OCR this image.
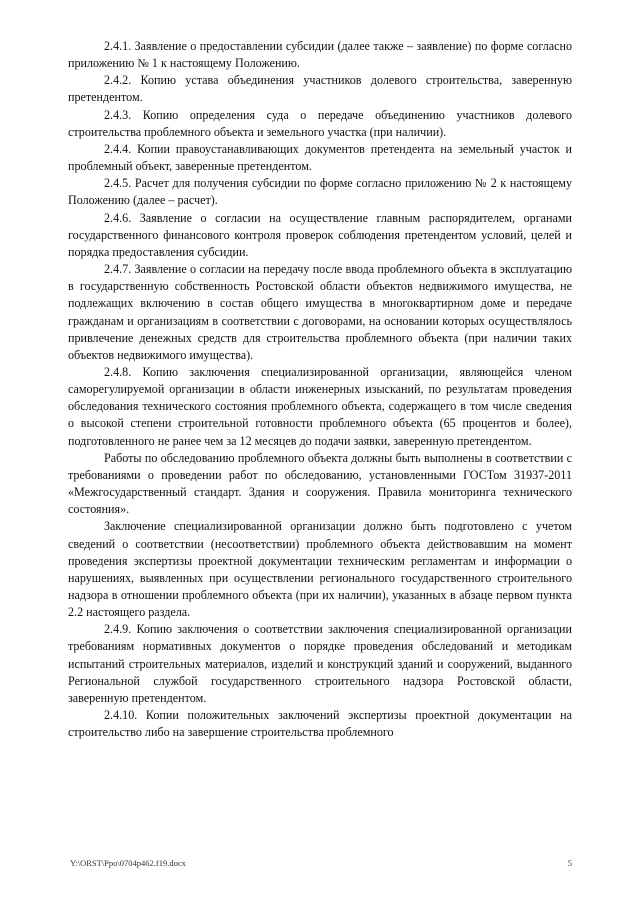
2.4.1. Заявление о предоставлении субсидии (далее также – заявление) по форме согласно приложению № 1 к настоящему Положению.

2.4.2. Копию устава объединения участников долевого строительства, заверенную претендентом.

2.4.3. Копию определения суда о передаче объединению участников долевого строительства проблемного объекта и земельного участка (при наличии).

2.4.4. Копии правоустанавливающих документов претендента на земельный участок и проблемный объект, заверенные претендентом.

2.4.5. Расчет для получения субсидии по форме согласно приложению № 2 к настоящему Положению (далее – расчет).

2.4.6. Заявление о согласии на осуществление главным распорядителем, органами государственного финансового контроля проверок соблюдения претендентом условий, целей и порядка предоставления субсидии.

2.4.7. Заявление о согласии на передачу после ввода проблемного объекта в эксплуатацию в государственную собственность Ростовской области объектов недвижимого имущества, не подлежащих включению в состав общего имущества в многоквартирном доме и передаче гражданам и организациям в соответствии с договорами, на основании которых осуществлялось привлечение денежных средств для строительства проблемного объекта (при наличии таких объектов недвижимого имущества).

2.4.8. Копию заключения специализированной организации, являющейся членом саморегулируемой организации в области инженерных изысканий, по результатам проведения обследования технического состояния проблемного объекта, содержащего в том числе сведения о высокой степени строительной готовности проблемного объекта (65 процентов и более), подготовленного не ранее чем за 12 месяцев до подачи заявки, заверенную претендентом.

Работы по обследованию проблемного объекта должны быть выполнены в соответствии с требованиями о проведении работ по обследованию, установленными ГОСТом 31937-2011 «Межгосударственный стандарт. Здания и сооружения. Правила мониторинга технического состояния».

Заключение специализированной организации должно быть подготовлено с учетом сведений о соответствии (несоответствии) проблемного объекта действовавшим на момент проведения экспертизы проектной документации техническим регламентам и информации о нарушениях, выявленных при осуществлении регионального государственного строительного надзора в отношении проблемного объекта (при их наличии), указанных в абзаце первом пункта 2.2 настоящего раздела.

2.4.9. Копию заключения о соответствии заключения специализированной организации требованиям нормативных документов о порядке проведения обследований и методикам испытаний строительных материалов, изделий и конструкций зданий и сооружений, выданного Региональной службой государственного строительного надзора Ростовской области, заверенную претендентом.

2.4.10. Копии положительных заключений экспертизы проектной документации на строительство либо на завершение строительства проблемного

Y:\ORST\Ppo\0704p462.f19.docx	5
